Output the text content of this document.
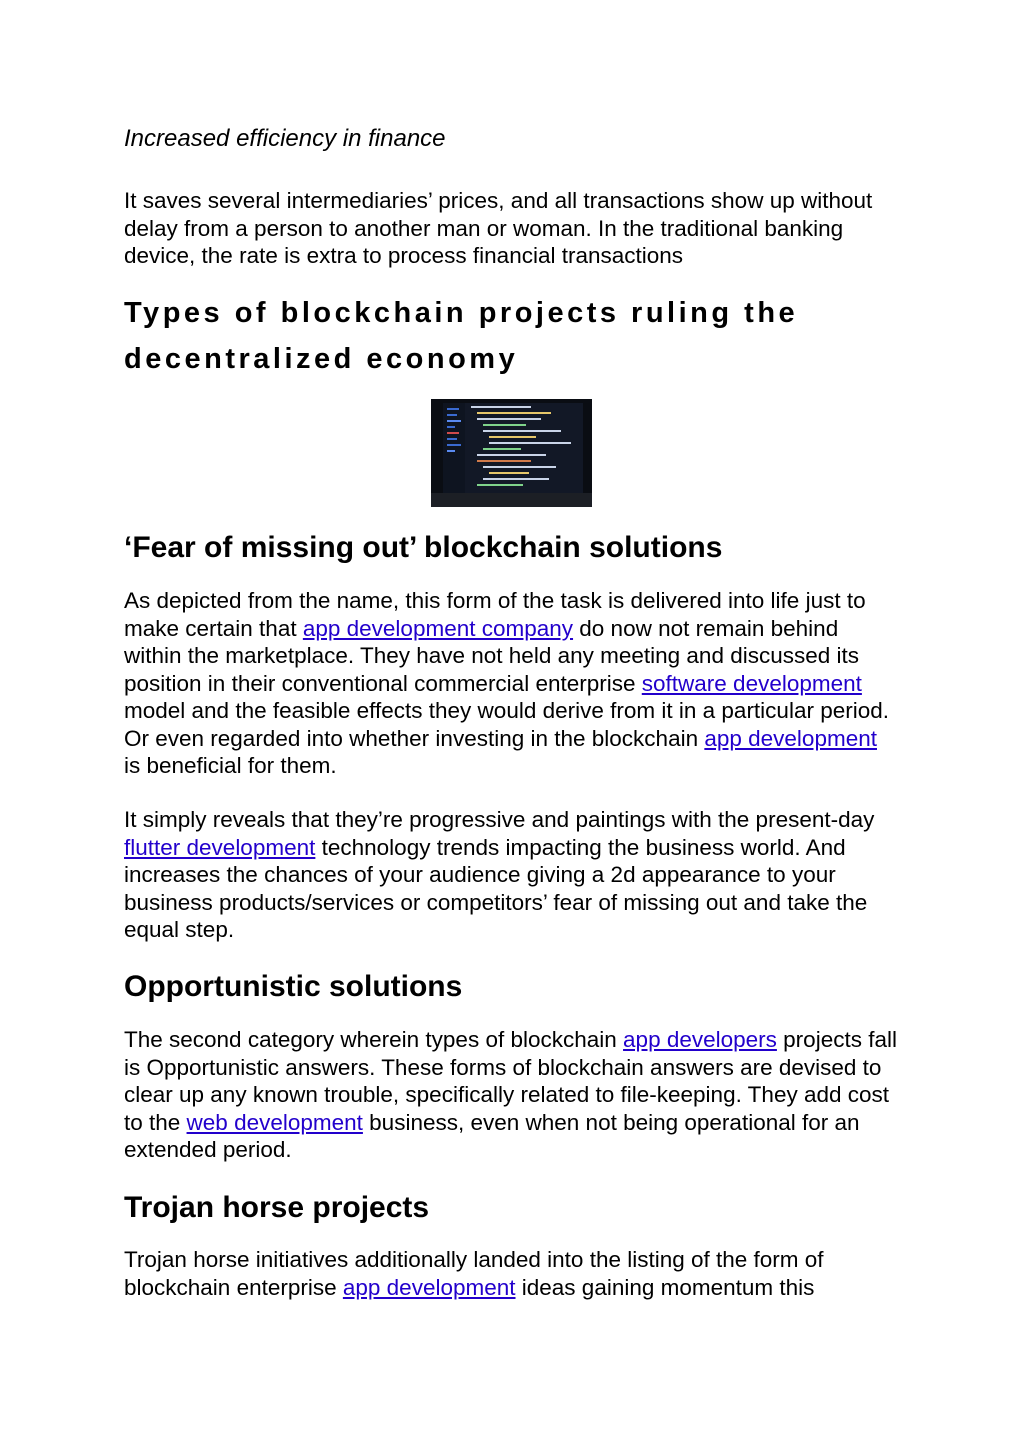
Increased efficiency in finance

It saves several intermediaries’ prices, and all transactions show up without delay from a person to another man or woman. In the traditional banking device, the rate is extra to process financial transactions

Types of blockchain projects ruling the decentralized economy
‘Fear of missing out’ blockchain solutions

As depicted from the name, this form of the task is delivered into life just to make certain that app development company do now not remain behind within the marketplace. They have not held any meeting and discussed its position in their conventional commercial enterprise software development model and the feasible effects they would derive from it in a particular period. Or even regarded into whether investing in the blockchain app development is beneficial for them.

It simply reveals that they’re progressive and paintings with the present-day flutter development technology trends impacting the business world. And increases the chances of your audience giving a 2d appearance to your business products/services or competitors’ fear of missing out and take the equal step.

Opportunistic solutions

The second category wherein types of blockchain app developers projects fall is Opportunistic answers. These forms of blockchain answers are devised to clear up any known trouble, specifically related to file-keeping. They add cost to the web development business, even when not being operational for an extended period.

Trojan horse projects

Trojan horse initiatives additionally landed into the listing of the form of blockchain enterprise app development ideas gaining momentum this
